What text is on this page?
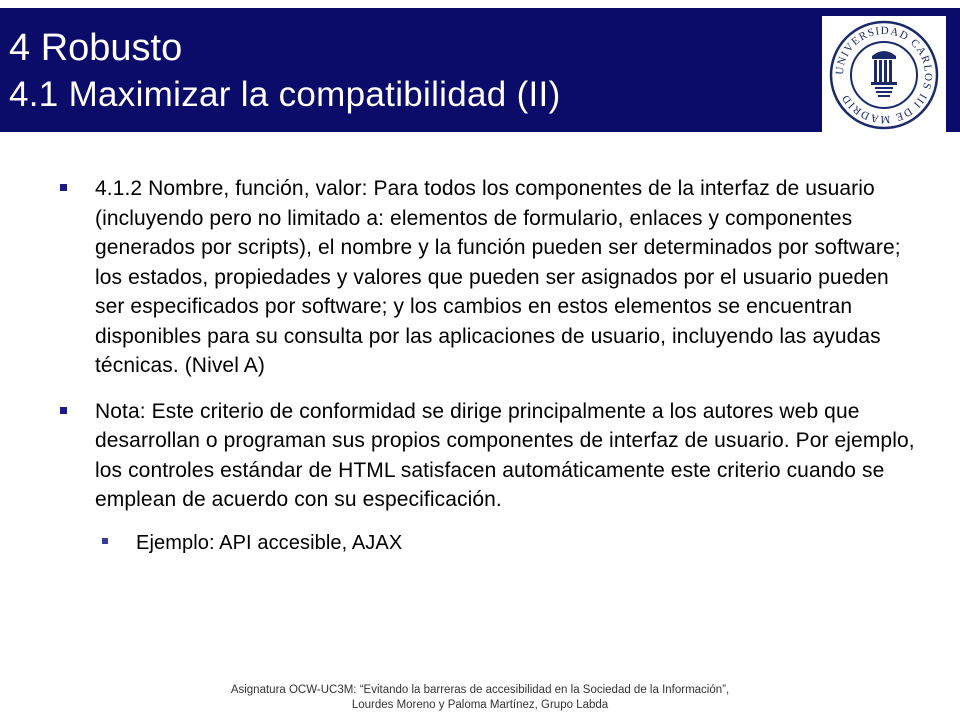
4 Robusto
4.1 Maximizar la compatibilidad (II)
UNIVERSIDAD CARLOS III DE MADRID
4.1.2 Nombre, función, valor: Para todos los componentes de la interfaz de usuario (incluyendo pero no limitado a: elementos de formulario, enlaces y componentes generados por scripts), el nombre y la función pueden ser determinados por software; los estados, propiedades y valores que pueden ser asignados por el usuario pueden ser especificados por software; y los cambios en estos elementos se encuentran disponibles para su consulta por las aplicaciones de usuario, incluyendo las ayudas técnicas. (Nivel A)
Nota: Este criterio de conformidad se dirige principalmente a los autores web que desarrollan o programan sus propios componentes de interfaz de usuario. Por ejemplo, los controles estándar de HTML satisfacen automáticamente este criterio cuando se emplean de acuerdo con su especificación.
Ejemplo: API accesible, AJAX
Asignatura OCW-UC3M: “Evitando la barreras de accesibilidad en la Sociedad de la Información”,
Lourdes Moreno y Paloma Martínez, Grupo Labda
